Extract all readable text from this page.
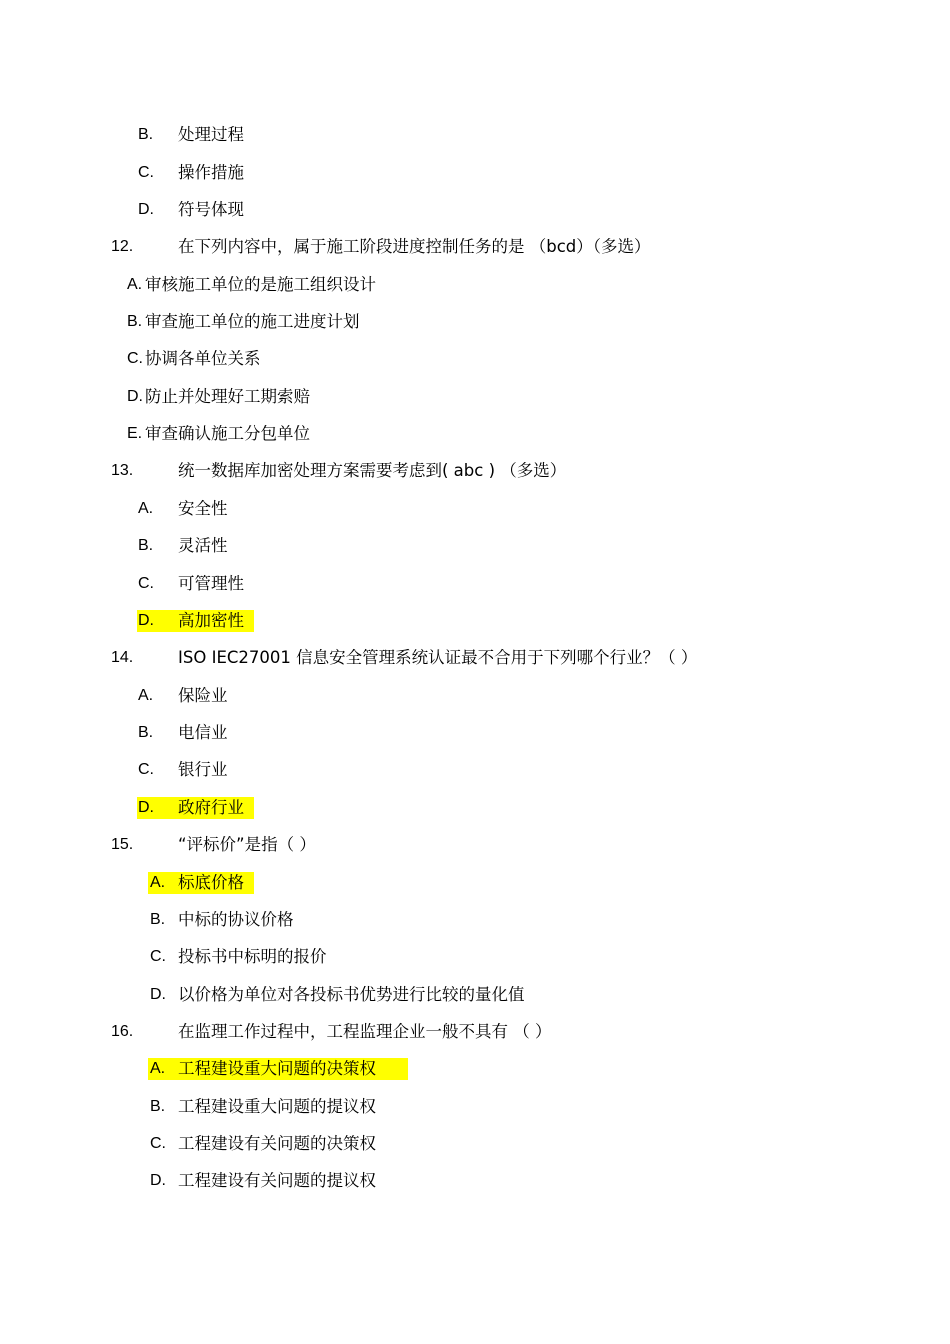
B. 处理过程
C. 操作措施
D. 符号体现
12.	在下列内容中，属于施工阶段进度控制任务的是 （bcd）（多选）
A. 审核施工单位的是施工组织设计
B. 审查施工单位的施工进度计划
C. 协调各单位关系
D. 防止并处理好工期索赔
E. 审查确认施工分包单位
13.	统一数据库加密处理方案需要考虑到( abc ) （多选）
A. 安全性
B. 灵活性
C. 可管理性
D. 高加密性
14.	ISO IEC27001 信息安全管理系统认证最不合用于下列哪个行业？（ ）
A. 保险业
B. 电信业
C. 银行业
D. 政府行业
15.	“评标价”是指（ ）
A. 标底价格
B. 中标的协议价格
C. 投标书中标明的报价
D. 以价格为单位对各投标书优势进行比较的量化值
16.	在监理工作过程中，工程监理企业一般不具有 （ ）
A. 工程建设重大问题的决策权
B. 工程建设重大问题的提议权
C. 工程建设有关问题的决策权
D. 工程建设有关问题的提议权
